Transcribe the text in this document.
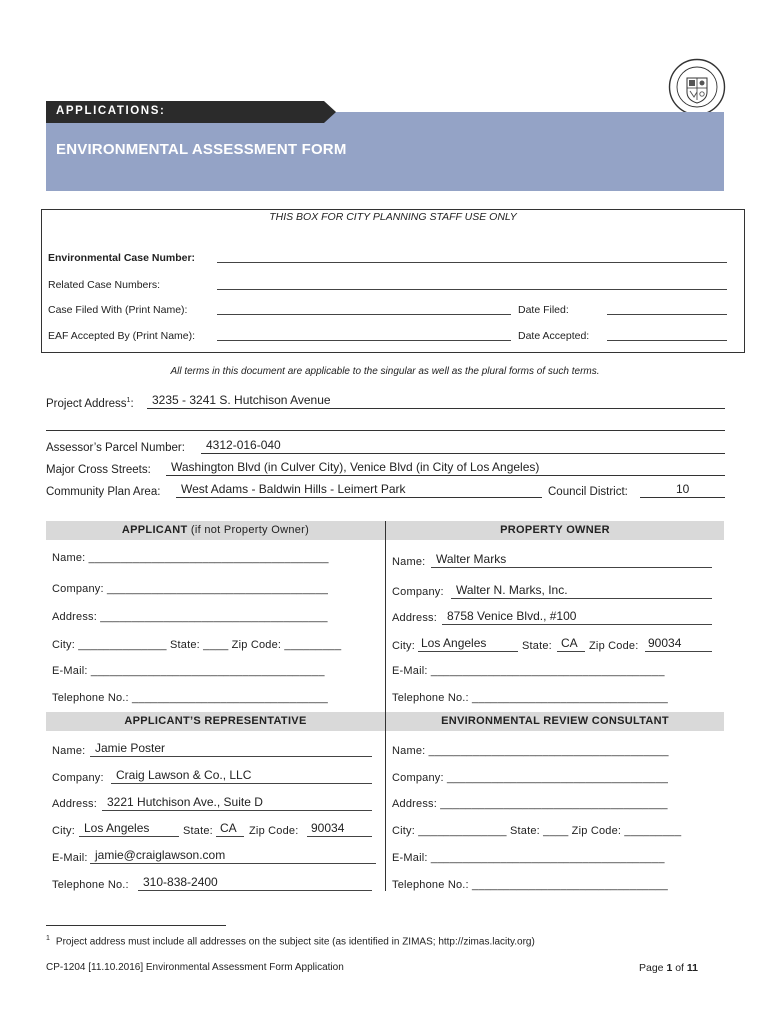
APPLICATIONS:
ENVIRONMENTAL ASSESSMENT FORM
THIS BOX FOR CITY PLANNING STAFF USE ONLY
Environmental Case Number:
Related Case Numbers:
Case Filed With (Print Name):	Date Filed:
EAF Accepted By (Print Name):	Date Accepted:
All terms in this document are applicable to the singular as well as the plural forms of such terms.
Project Address$^1$: 3235 - 3241 S. Hutchison Avenue
Assessor’s Parcel Number: 4312-016-040
Major Cross Streets: Washington Blvd (in Culver City), Venice Blvd (in City of Los Angeles)
Community Plan Area: West Adams - Baldwin Hills - Leimert Park	Council District:	10
APPLICANT (if not Property Owner)	PROPERTY OWNER
Name: ______________________________________
Company: ___________________________________
Address: ____________________________________
City: ______________ State: ____ Zip Code: _________
E-Mail: _____________________________________
Telephone No.: _______________________________
Name: Walter Marks
Company: Walter N. Marks, Inc.
Address: 8758 Venice Blvd., #100
City: Los Angeles	State: CA Zip Code: 90034
E-Mail: _____________________________________
Telephone No.: _______________________________
APPLICANT’S REPRESENTATIVE	ENVIRONMENTAL REVIEW CONSULTANT
Name: Jamie Poster
Company: Craig Lawson & Co., LLC
Address: 3221 Hutchison Ave., Suite D
City: Los Angeles	State: CA Zip Code: 90034
E-Mail: jamie@craiglawson.com
Telephone No.: 310-838-2400
Name: ______________________________________
Company: ___________________________________
Address: ____________________________________
City: ______________ State: ____ Zip Code: _________
E-Mail: _____________________________________
Telephone No.: _______________________________
$^1$ Project address must include all addresses on the subject site (as identified in ZIMAS; http://zimas.lacity.org)
CP-1204 [11.10.2016] Environmental Assessment Form Application	Page 1 of 11
